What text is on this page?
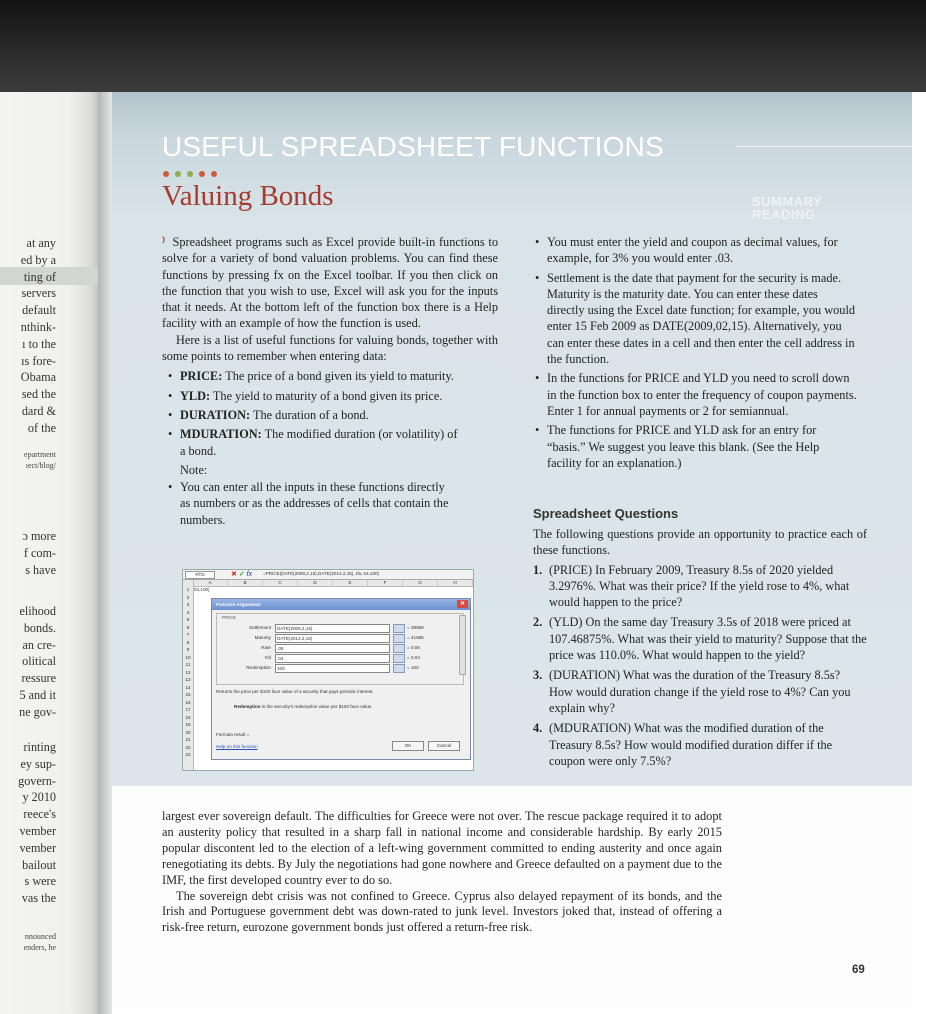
at any
ed by a
ting of
servers
default
nthink-
ı to the
ıs fore-
Obama
sed the
dard &
of the
epartment
ıect/blog/
ɔ more
f com-
s have
elihood
bonds.
an cre-
olitical
ressure
5 and it
ne gov-
rinting
ey sup-
govern-
y 2010
reece's
vember
vember
bailout
s were
vas the
nnounced
enders, he
SUMMARY
READING
USEFUL SPREADSHEET FUNCTIONS
Valuing Bonds

⁾ Spreadsheet programs such as Excel provide built-in functions to solve for a variety of bond valuation problems. You can find these functions by pressing fx on the Excel toolbar. If you then click on the function that you wish to use, Excel will ask you for the inputs that it needs. At the bottom left of the function box there is a Help facility with an example of how the function is used.

Here is a list of useful functions for valuing bonds, together with some points to remember when entering data:

• PRICE: The price of a bond given its yield to maturity.
• YLD: The yield to maturity of a bond given its price.
• DURATION: The duration of a bond.
• MDURATION: The modified duration (or volatility) of a bond.
Note:
• You can enter all the inputs in these functions directly as numbers or as the addresses of cells that contain the numbers.
RTD	✕ ✓ fx =PRICE(DATE(2009,2,15),DATE(2014,2,15),.05,.04,100)
A	B	C	D	E	F	G	H
1
2
3
4
5
6
7
8
9
10
11
12
13
14
15
16
17
18
19
20
21
22
23
04,100)
Function Arguments	✕
PRICE
Settlement	DATE(2009,2,15)	= 39859
Maturity	DATE(2014,2,15)	= 41685
Rate	.05	= 0.05
Yld	.04	= 0.04
Redemption	100	= 100
Returns the price per $100 face value of a security that pays periodic interest.
Redemption is the security's redemption value per $100 face value.
Formula result =
Help on this function	OK	Cancel
• You must enter the yield and coupon as decimal values, for example, for 3% you would enter .03.
• Settlement is the date that payment for the security is made. Maturity is the maturity date. You can enter these dates directly using the Excel date function; for example, you would enter 15 Feb 2009 as DATE(2009,02,15). Alternatively, you can enter these dates in a cell and then enter the cell address in the function.
• In the functions for PRICE and YLD you need to scroll down in the function box to enter the frequency of coupon payments. Enter 1 for annual payments or 2 for semiannual.
• The functions for PRICE and YLD ask for an entry for “basis.” We suggest you leave this blank. (See the Help facility for an explanation.)
Spreadsheet Questions

The following questions provide an opportunity to practice each of these functions.

1. (PRICE) In February 2009, Treasury 8.5s of 2020 yielded 3.2976%. What was their price? If the yield rose to 4%, what would happen to the price?
2. (YLD) On the same day Treasury 3.5s of 2018 were priced at 107.46875%. What was their yield to maturity? Suppose that the price was 110.0%. What would happen to the yield?
3. (DURATION) What was the duration of the Treasury 8.5s? How would duration change if the yield rose to 4%? Can you explain why?
4. (MDURATION) What was the modified duration of the Treasury 8.5s? How would modified duration differ if the coupon were only 7.5%?

largest ever sovereign default. The difficulties for Greece were not over. The rescue package required it to adopt an austerity policy that resulted in a sharp fall in national income and considerable hardship. By early 2015 popular discontent led to the election of a left-wing government committed to ending austerity and once again renegotiating its debts. By July the negotiations had gone nowhere and Greece defaulted on a payment due to the IMF, the first developed country ever to do so.

The sovereign debt crisis was not confined to Greece. Cyprus also delayed repayment of its bonds, and the Irish and Portuguese government debt was down-rated to junk level. Investors joked that, instead of offering a risk-free return, eurozone government bonds just offered a return-free risk.

69
